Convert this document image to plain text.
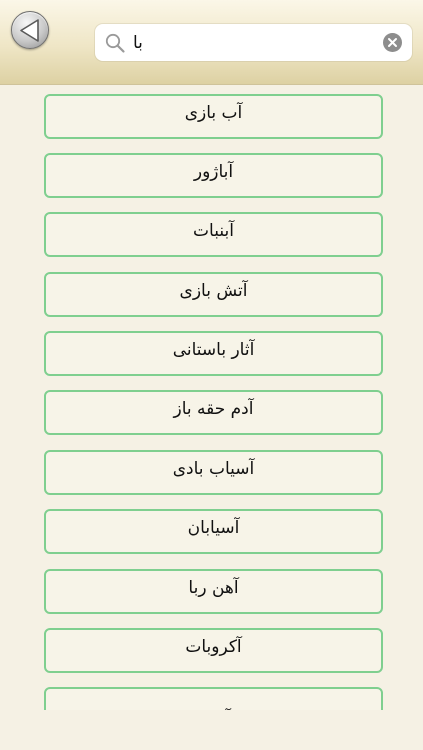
با
آب بازی
آباژور
آبنبات
آتش بازی
آثار باستانی
آدم حقه باز
آسیاب بادی
آسیابان
آهن ربا
آکروبات
